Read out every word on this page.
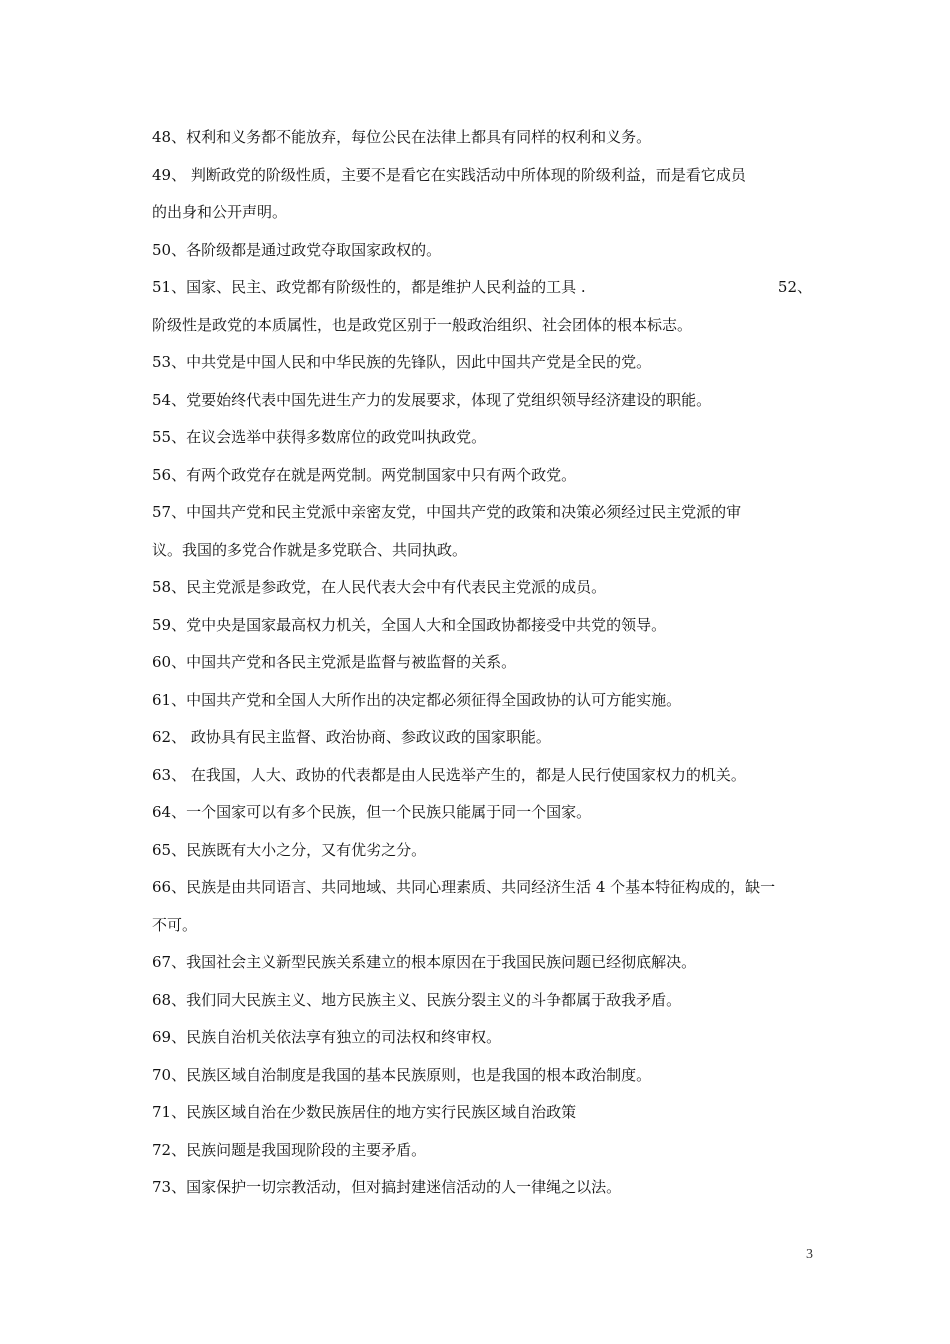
48、权利和义务都不能放弃，每位公民在法律上都具有同样的权利和义务。
49、 判断政党的阶级性质，主要不是看它在实践活动中所体现的阶级利益，而是看它成员
的出身和公开声明。
50、各阶级都是通过政党夺取国家政权的。
51、国家、民主、政党都有阶级性的，都是维护人民利益的工具 .	52、
阶级性是政党的本质属性，也是政党区别于一般政治组织、社会团体的根本标志。
53、中共党是中国人民和中华民族的先锋队，因此中国共产党是全民的党。
54、党要始终代表中国先进生产力的发展要求，体现了党组织领导经济建设的职能。
55、在议会选举中获得多数席位的政党叫执政党。
56、有两个政党存在就是两党制。两党制国家中只有两个政党。
57、中国共产党和民主党派中亲密友党，中国共产党的政策和决策必须经过民主党派的审
议。我国的多党合作就是多党联合、共同执政。
58、民主党派是参政党，在人民代表大会中有代表民主党派的成员。
59、党中央是国家最高权力机关，全国人大和全国政协都接受中共党的领导。
60、中国共产党和各民主党派是监督与被监督的关系。
61、中国共产党和全国人大所作出的决定都必须征得全国政协的认可方能实施。
62、 政协具有民主监督、政治协商、参政议政的国家职能。
63、 在我国，人大、政协的代表都是由人民选举产生的，都是人民行使国家权力的机关。
64、一个国家可以有多个民族，但一个民族只能属于同一个国家。
65、民族既有大小之分，又有优劣之分。
66、民族是由共同语言、共同地域、共同心理素质、共同经济生活 4 个基本特征构成的，缺一
不可。
67、我国社会主义新型民族关系建立的根本原因在于我国民族问题已经彻底解决。
68、我们同大民族主义、地方民族主义、民族分裂主义的斗争都属于敌我矛盾。
69、民族自治机关依法享有独立的司法权和终审权。
70、民族区域自治制度是我国的基本民族原则，也是我国的根本政治制度。
71、民族区域自治在少数民族居住的地方实行民族区域自治政策
72、民族问题是我国现阶段的主要矛盾。
73、国家保护一切宗教活动，但对搞封建迷信活动的人一律绳之以法。
3
